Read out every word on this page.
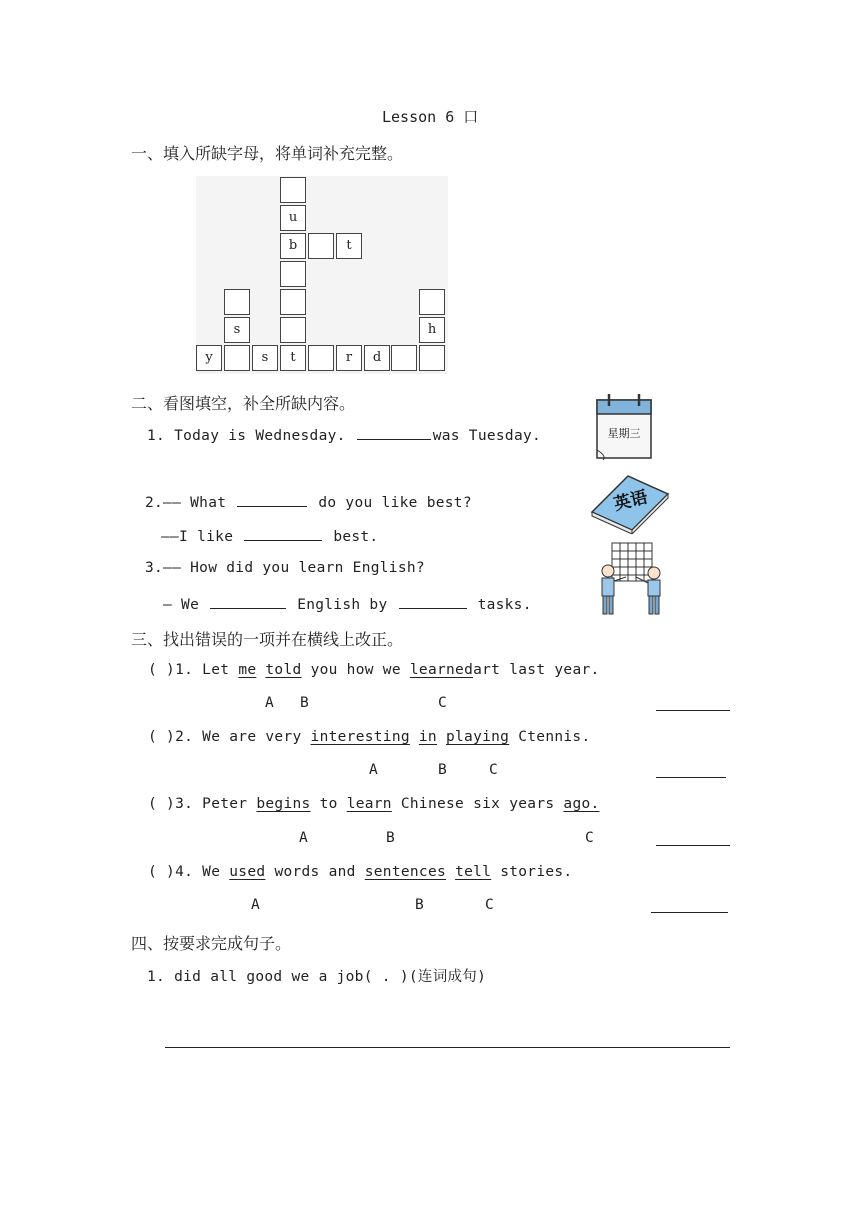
Lesson 6 口
一、填入所缺字母，将单词补充完整。
u
b	t
s	h
y	s	t	r	d
二、看图填空，补全所缺内容。
1. Today is Wednesday.	was Tuesday.	星期三
2.—— What	do you like best?
——I like	best.
英语
3.—— How did you learn English?
— We	English by	tasks.
三、找出错误的一项并在横线上改正。
( )1. Let me told you how we learnedart last year.
A B	C
( )2. We are very interesting in playing Ctennis.
A	B	C
( )3. Peter begins to learn Chinese six years ago.
A	B	C
( )4. We used words and sentences tell stories.
A	B	C
四、按要求完成句子。
1. did all good we a job( . )(连词成句)
